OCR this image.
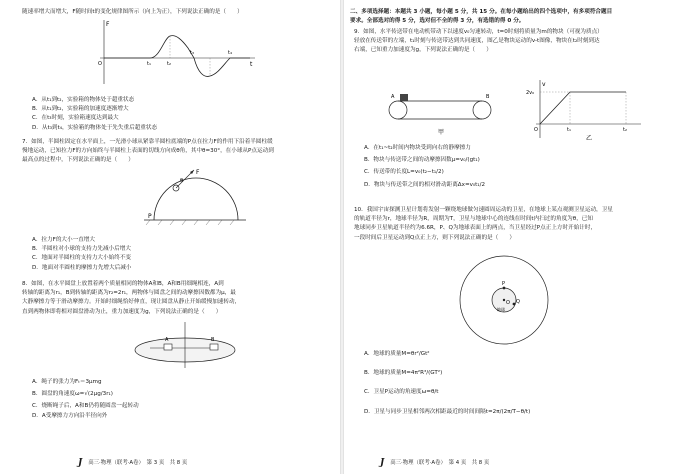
随速率增大而增大，F随时间t的变化规律图所示（向上为正），下列说法正确的是（　　）
F
t
O	t₁	t₂
t₃	t₄
A．从t₁到t₂，实验箱的物体处于超重状态
B．从t₁到t₂，实验箱的加速度逐渐增大
C．在t₃时刻，实验箱速度达到最大
D．从t₃到t₄，实验箱的物体处于先失重后超重状态
7．如图，半圆柱固定在水平面上，一光滑小球从紧靠半圆柱底端的P点在拉力F的作用下沿着半圆柱缓
慢地运动，已知拉力F的方向始终与半圆柱上表面的切线方向成θ角，其中θ=30°，在小球从P点运动到
最高点的过程中，下列说法正确的是（　　）
F
P
θ
A．拉力F的大小一直增大
B．半圆柱对小球的支持力先减小后增大
C．地面对半圆柱的支持力大小始终不变
D．地面对半圆柱的摩擦力先增大后减小
8．如图，在水平圆盘上放置着两个质量相同的物体A和B，A和B用细绳相连，A到
转轴的距离为r₁，B到转轴的距离为r₂=2r₁，两物体与圆盘之间的动摩擦因数都为μ，最
大静摩擦力等于滑动摩擦力。开始时细绳恰好伸直，现让圆盘从静止开始缓慢加速转动，
直到两物体即将相对圆盘滑动为止，重力加速度为g，下列说法正确的是（　　）
A	B
A．绳子的张力为Fₜ＝3μmg
B．圆盘的角速度ω=√(2μg/3r₁)
C．烧断绳子后，A和B仍将随圆盘一起转动
D．A受摩擦力方向沿半径向外
J 高三·物理（联考·A卷）　第 3 页　共 8 页
二、多项选择题：本题共 3 小题，每小题 5 分，共 15 分。在每小题给出的四个选项中，有多项符合题目
要求。全部选对的得 5 分，选对但不全的得 3 分，有选错的得 0 分。
9．如图，水平传送带在电动机带动下以速度v₀匀速转动，t=0时刻将质量为m的物块（可视为质点）
轻放在传送带的左端，t₁时刻与传送带达到共同速度，图乙是物块运动的v-t图像，物块在t₂时刻到达
右端，已知重力加速度为g，下列说法正确的是（　　）
A	B
甲
v
2v₀
O	t₁	t₂
乙
A．在t₁~t₂时间内物块受到向右的静摩擦力
B．物块与传送带之间的动摩擦因数μ=v₀/(gt₁)
C．传送带的长度L=v₀(t₂−t₁/2)
D．物块与传送带之间的相对滑动距离Δx=v₀t₁/2
10．我国宇宙探测卫星计划将发射一颗绕地球做匀速圆周运动的卫星，在地球上某点观测卫星运动，卫星
的轨道半径为r，地球半径为R，周期为T，卫星与地球中心的连线在时间t内扫过的角度为θ，已知
地球同步卫星轨道半径约为6.6R，P、Q为地球表面上的两点，当卫星经过P点正上方时开始计时，
一段时间后卫星运动到Q点正上方，则下列说法正确的是（　　）
O
P
Q
地球
A．地球的质量M=θr²/Gt²
B．地球的质量M=4π²R³/(GT²)
C．卫星P运动的角速度ω=θ/t
D．卫星与同步卫星相邻两次相距最近的时间间隔t=2π/(2π/T−θ/t)
J 高三·物理（联考·A卷）　第 4 页　共 8 页
